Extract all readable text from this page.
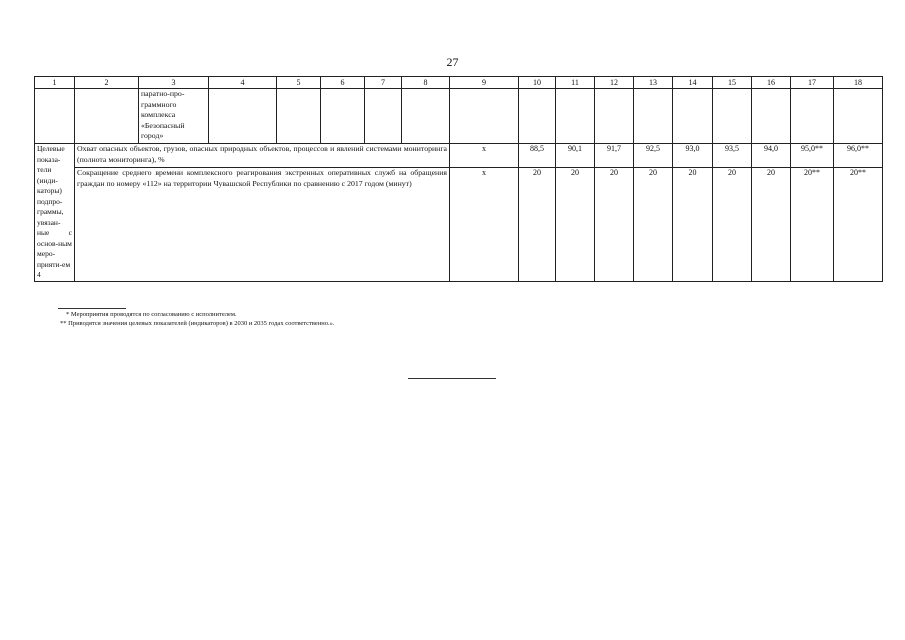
27
1	2	3	4	5	6	7	8	9	10	11	12	13	14	15	16	17	18
		паратно-про-
граммного
комплекса
«Безопасный
город»															
Целевые показа-тели (инди-каторы) подпро-граммы, увязан-ные с основ-ным меро-прияти-ем 4	Охват опасных объектов, грузов, опасных природных объектов, процессов и явлений системами мониторинга (полнота мониторинга), %							х	88,5	90,1	91,7	92,5	93,0	93,5	94,0	95,0**	96,0**
	Сокращение среднего времени комплексного реагирования экстренных оперативных служб на обращения граждан по номеру «112» на территории Чувашской Республики по сравнению с 2017 годом (минут)							х	20	20	20	20	20	20	20	20**	20**
* Мероприятия проводятся по согласованию с исполнителем.
** Приводятся значения целевых показателей (индикаторов) в 2030 и 2035 годах соответственно.».
